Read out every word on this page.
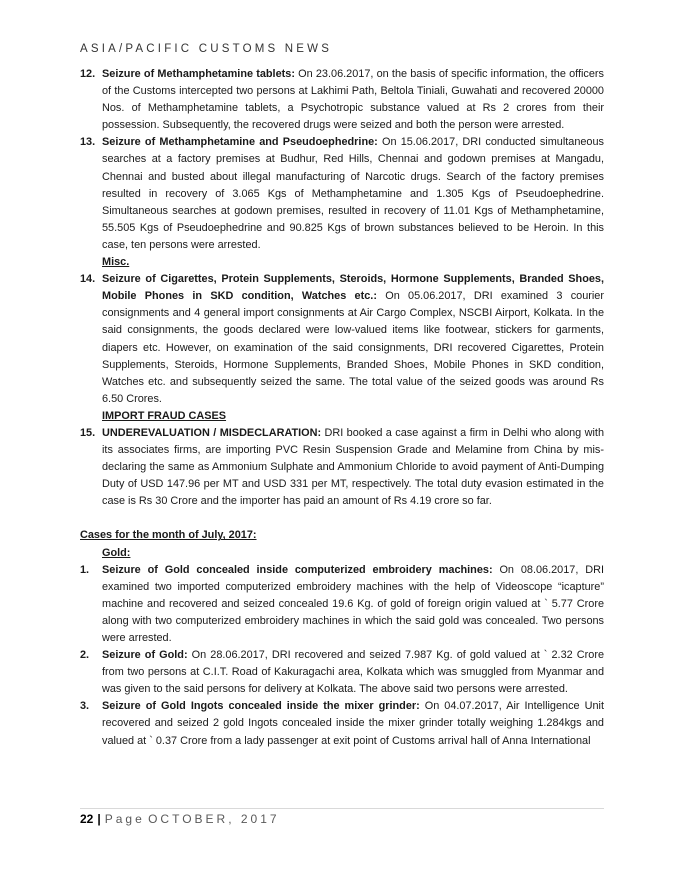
ASIA/PACIFIC CUSTOMS NEWS
12. Seizure of Methamphetamine tablets: On 23.06.2017, on the basis of specific information, the officers of the Customs intercepted two persons at Lakhimi Path, Beltola Tiniali, Guwahati and recovered 20000 Nos. of Methamphetamine tablets, a Psychotropic substance valued at Rs 2 crores from their possession. Subsequently, the recovered drugs were seized and both the person were arrested.
13. Seizure of Methamphetamine and Pseudoephedrine: On 15.06.2017, DRI conducted simultaneous searches at a factory premises at Budhur, Red Hills, Chennai and godown premises at Mangadu, Chennai and busted about illegal manufacturing of Narcotic drugs. Search of the factory premises resulted in recovery of 3.065 Kgs of Methamphetamine and 1.305 Kgs of Pseudoephedrine. Simultaneous searches at godown premises, resulted in recovery of 11.01 Kgs of Methamphetamine, 55.505 Kgs of Pseudoephedrine and 90.825 Kgs of brown substances believed to be Heroin. In this case, ten persons were arrested.
Misc.
14. Seizure of Cigarettes, Protein Supplements, Steroids, Hormone Supplements, Branded Shoes, Mobile Phones in SKD condition, Watches etc.: On 05.06.2017, DRI examined 3 courier consignments and 4 general import consignments at Air Cargo Complex, NSCBI Airport, Kolkata. In the said consignments, the goods declared were low-valued items like footwear, stickers for garments, diapers etc. However, on examination of the said consignments, DRI recovered Cigarettes, Protein Supplements, Steroids, Hormone Supplements, Branded Shoes, Mobile Phones in SKD condition, Watches etc. and subsequently seized the same. The total value of the seized goods was around Rs 6.50 Crores.
IMPORT FRAUD CASES
15. UNDEREVALUATION / MISDECLARATION: DRI booked a case against a firm in Delhi who along with its associates firms, are importing PVC Resin Suspension Grade and Melamine from China by mis-declaring the same as Ammonium Sulphate and Ammonium Chloride to avoid payment of Anti-Dumping Duty of USD 147.96 per MT and USD 331 per MT, respectively. The total duty evasion estimated in the case is Rs 30 Crore and the importer has paid an amount of Rs 4.19 crore so far.
Cases for the month of July, 2017:
Gold:
1. Seizure of Gold concealed inside computerized embroidery machines: On 08.06.2017, DRI examined two imported computerized embroidery machines with the help of Videoscope “icapture” machine and recovered and seized concealed 19.6 Kg. of gold of foreign origin valued at ` 5.77 Crore along with two computerized embroidery machines in which the said gold was concealed. Two persons were arrested.
2. Seizure of Gold: On 28.06.2017, DRI recovered and seized 7.987 Kg. of gold valued at ` 2.32 Crore from two persons at C.I.T. Road of Kakuragachi area, Kolkata which was smuggled from Myanmar and was given to the said persons for delivery at Kolkata. The above said two persons were arrested.
3. Seizure of Gold Ingots concealed inside the mixer grinder: On 04.07.2017, Air Intelligence Unit recovered and seized 2 gold Ingots concealed inside the mixer grinder totally weighing 1.284kgs and valued at ` 0.37 Crore from a lady passenger at exit point of Customs arrival hall of Anna International
22 | Page OCTOBER, 2017
